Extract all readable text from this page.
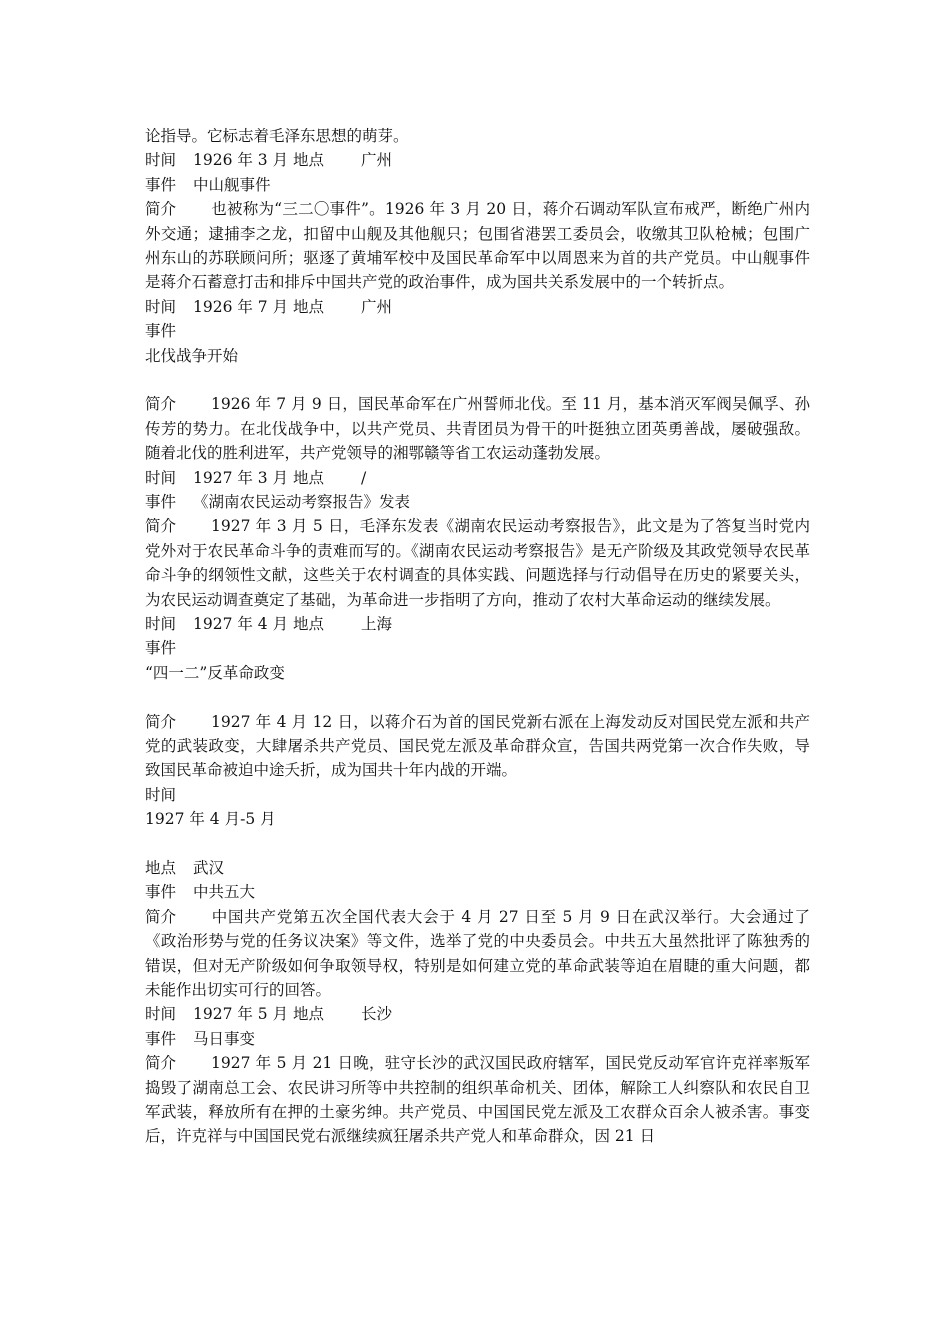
论指导。它标志着毛泽东思想的萌芽。
时间 1926 年 3 月 地点 广州
事件 中山舰事件
简介 也被称为“三二〇事件”。1926 年 3 月 20 日，蒋介石调动军队宣布戒严，断绝广州内外交通；逮捕李之龙，扣留中山舰及其他舰只；包围省港罢工委员会，收缴其卫队枪械；包围广州东山的苏联顾问所；驱逐了黄埔军校中及国民革命军中以周恩来为首的共产党员。中山舰事件是蒋介石蓄意打击和排斥中国共产党的政治事件，成为国共关系发展中的一个转折点。
时间 1926 年 7 月 地点 广州
事件
北伐战争开始
简介 1926 年 7 月 9 日，国民革命军在广州誓师北伐。至 11 月，基本消灭军阀吴佩孚、孙传芳的势力。在北伐战争中，以共产党员、共青团员为骨干的叶挺独立团英勇善战，屡破强敌。随着北伐的胜利进军，共产党领导的湘鄂赣等省工农运动蓬勃发展。
时间 1927 年 3 月 地点 /
事件 《湖南农民运动考察报告》发表
简介 1927 年 3 月 5 日，毛泽东发表《湖南农民运动考察报告》，此文是为了答复当时党内党外对于农民革命斗争的责难而写的。《湖南农民运动考察报告》是无产阶级及其政党领导农民革命斗争的纲领性文献，这些关于农村调查的具体实践、问题选择与行动倡导在历史的紧要关头，为农民运动调查奠定了基础，为革命进一步指明了方向，推动了农村大革命运动的继续发展。
时间 1927 年 4 月 地点 上海
事件
“四一二”反革命政变
简介 1927 年 4 月 12 日，以蒋介石为首的国民党新右派在上海发动反对国民党左派和共产党的武装政变，大肆屠杀共产党员、国民党左派及革命群众宣，告国共两党第一次合作失败，导致国民革命被迫中途夭折，成为国共十年内战的开端。
时间
1927 年 4 月-5 月
地点 武汉
事件 中共五大
简介 中国共产党第五次全国代表大会于 4 月 27 日至 5 月 9 日在武汉举行。大会通过了《政治形势与党的任务议决案》等文件，选举了党的中央委员会。中共五大虽然批评了陈独秀的错误，但对无产阶级如何争取领导权，特别是如何建立党的革命武装等迫在眉睫的重大问题，都未能作出切实可行的回答。
时间 1927 年 5 月 地点 长沙
事件 马日事变
简介 1927 年 5 月 21 日晚，驻守长沙的武汉国民政府辖军，国民党反动军官许克祥率叛军捣毁了湖南总工会、农民讲习所等中共控制的组织革命机关、团体，解除工人纠察队和农民自卫军武装，释放所有在押的土豪劣绅。共产党员、中国国民党左派及工农群众百余人被杀害。事变后，许克祥与中国国民党右派继续疯狂屠杀共产党人和革命群众，因 21 日
